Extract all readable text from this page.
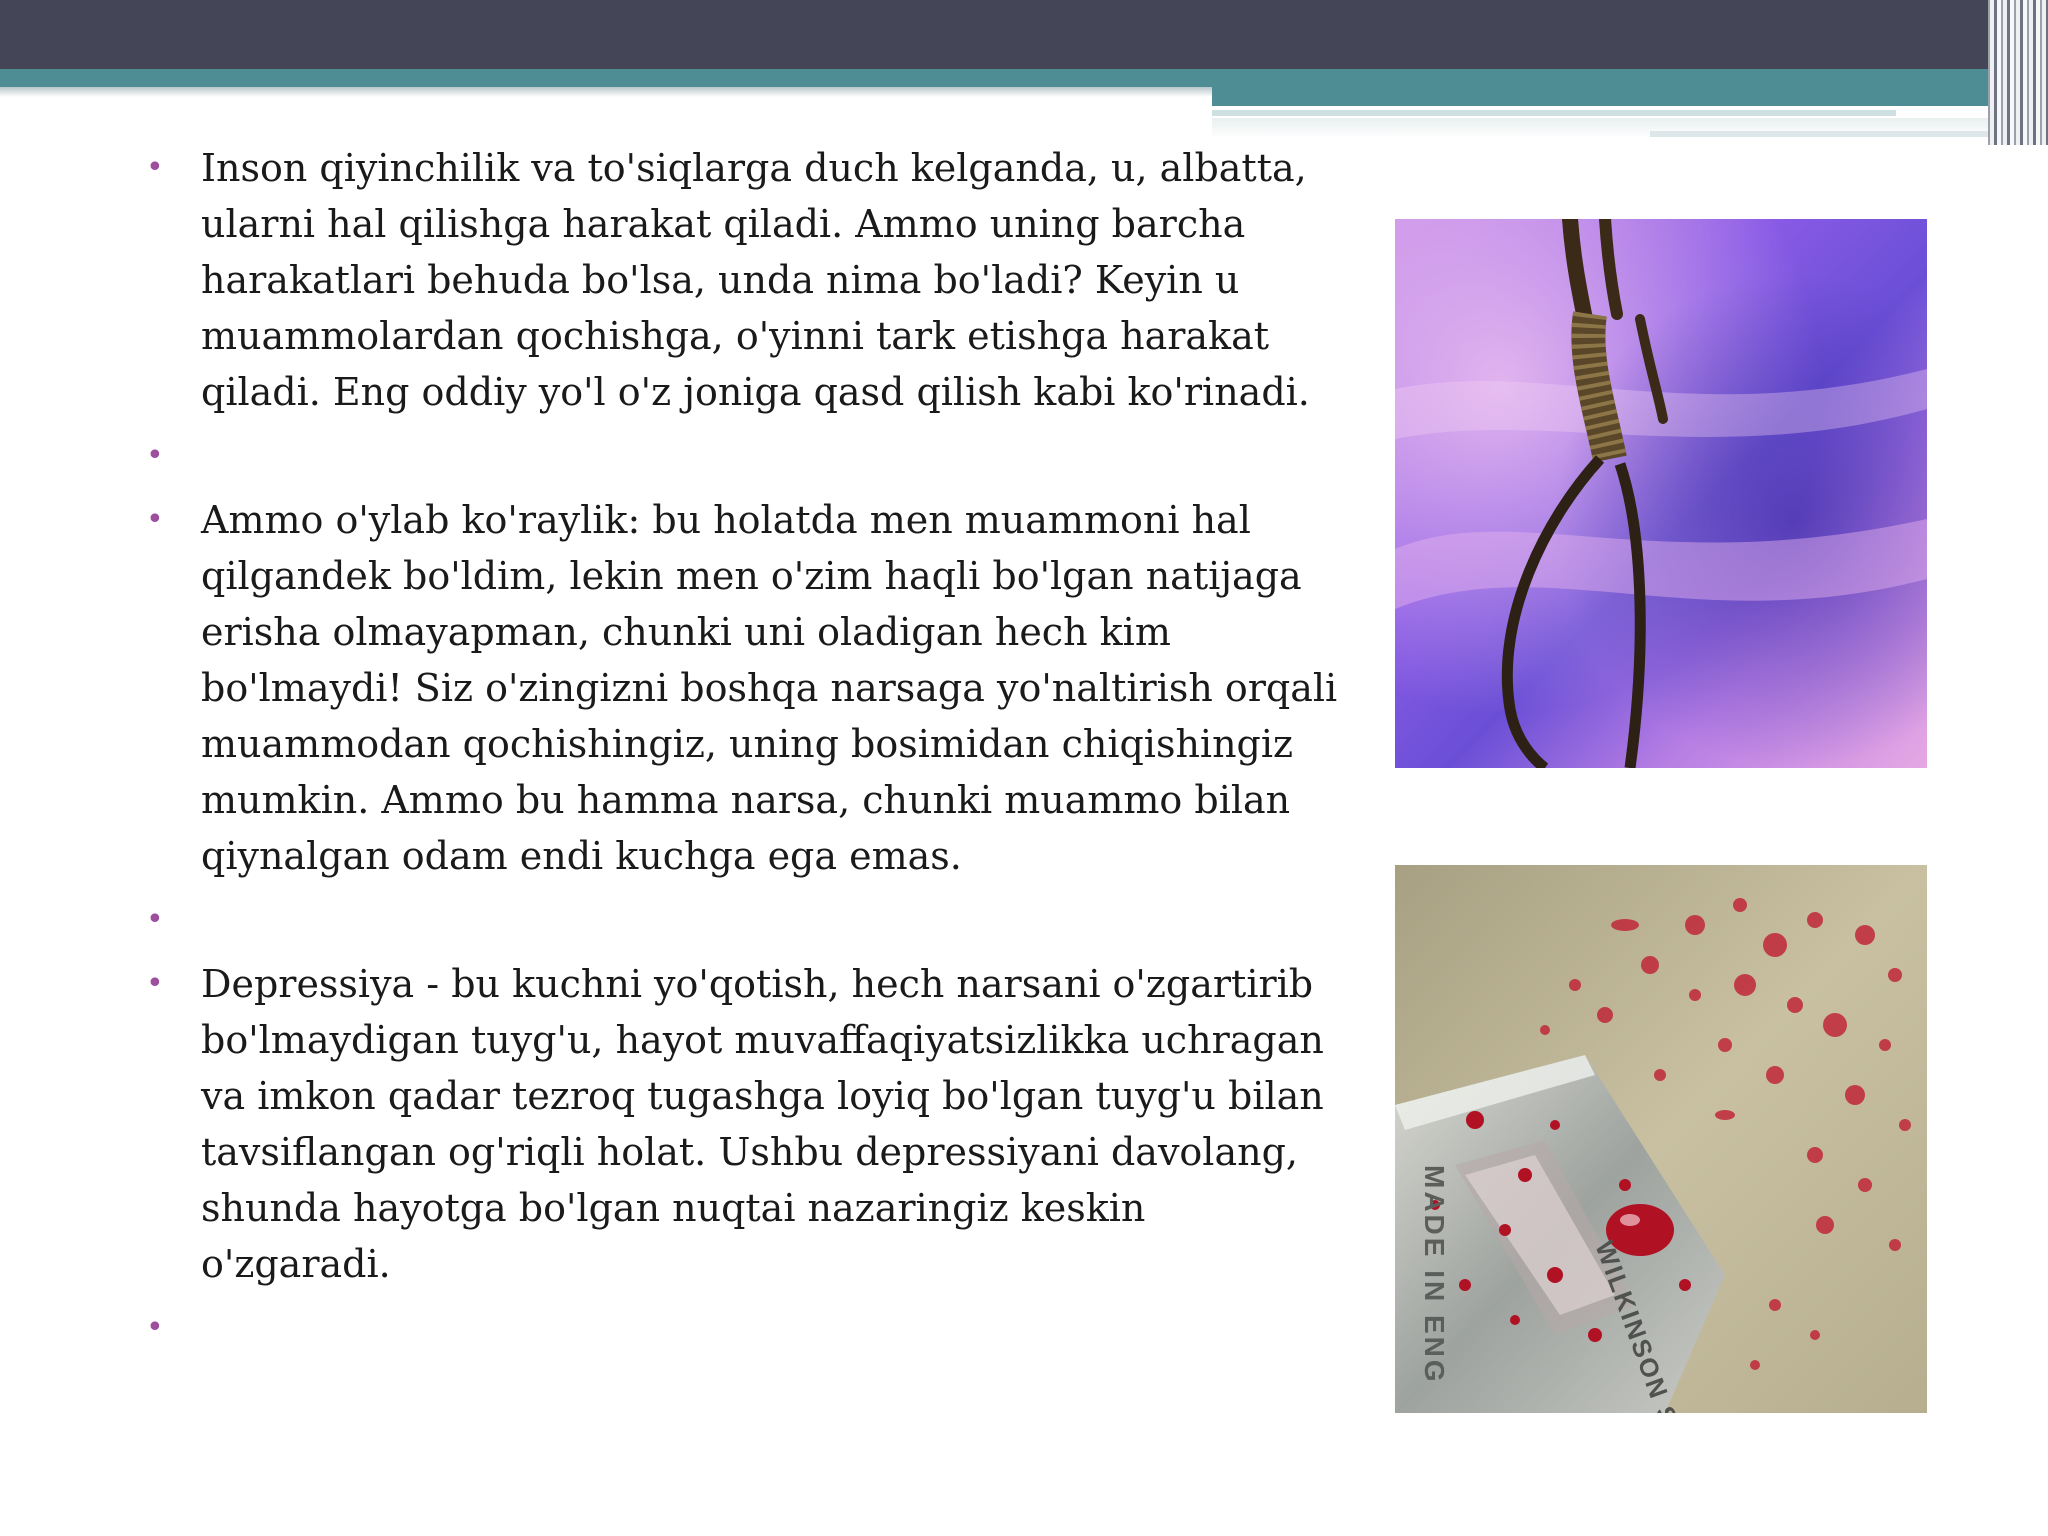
• Inson qiyinchilik va to'siqlarga duch kelganda, u, albatta, ularni hal qilishga harakat qiladi. Ammo uning barcha harakatlari behuda bo'lsa, unda nima bo'ladi? Keyin u muammolardan qochishga, o'yinni tark etishga harakat qiladi. Eng oddiy yo'l o'z joniga qasd qilish kabi ko'rinadi.
•
• Ammo o'ylab ko'raylik: bu holatda men muammoni hal qilgandek bo'ldim, lekin men o'zim haqli bo'lgan natijaga erisha olmayapman, chunki uni oladigan hech kim bo'lmaydi! Siz o'zingizni boshqa narsaga yo'naltirish orqali muammodan qochishingiz, uning bosimidan chiqishingiz mumkin. Ammo bu hamma narsa, chunki muammo bilan qiynalgan odam endi kuchga ega emas.
•
• Depressiya - bu kuchni yo'qotish, hech narsani o'zgartirib bo'lmaydigan tuyg'u, hayot muvaffaqiyatsizlikka uchragan va imkon qadar tezroq tugashga loyiq bo'lgan tuyg'u bilan tavsiflangan og'riqli holat. Ushbu depressiyani davolang, shunda hayotga bo'lgan nuqtai nazaringiz keskin o'zgaradi.
•	MADE IN ENG
